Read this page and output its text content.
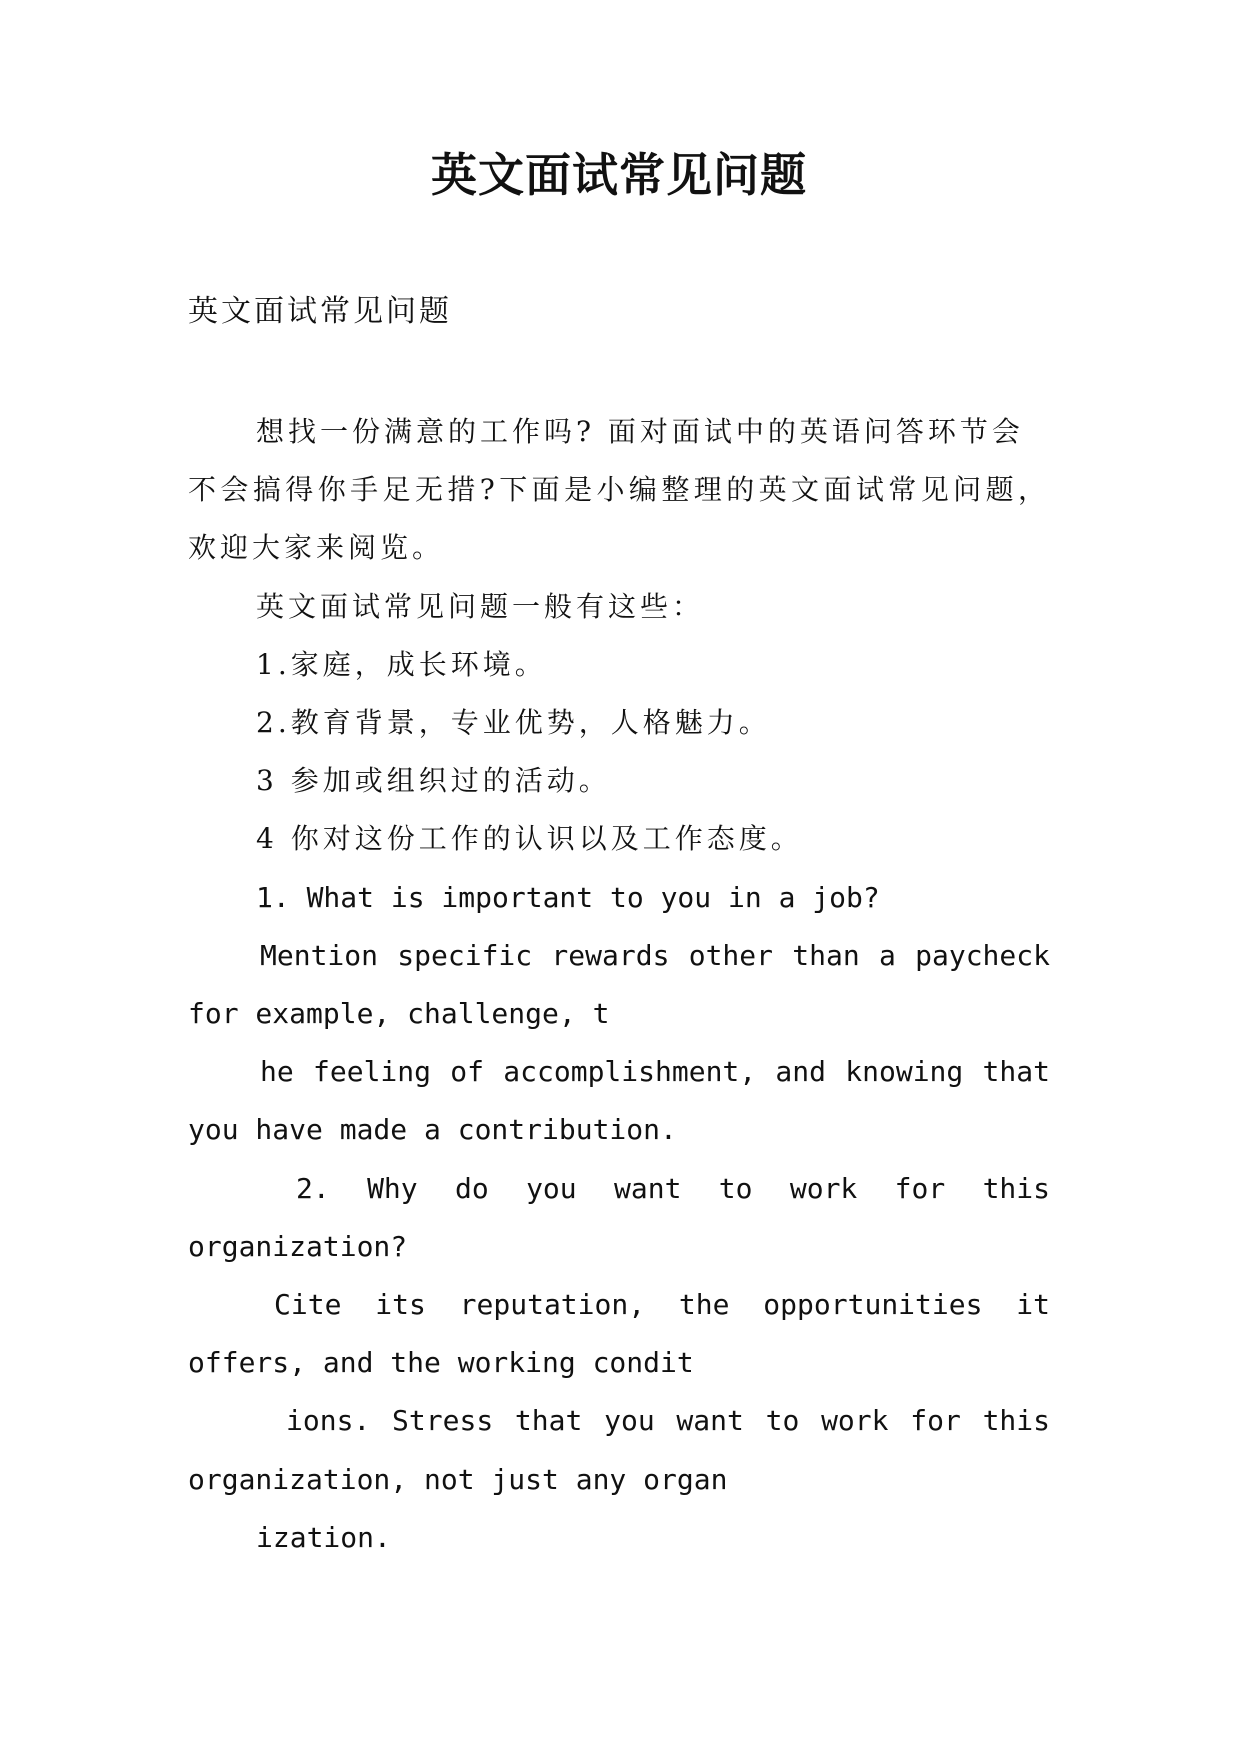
英文面试常见问题

英文面试常见问题

想找一份满意的工作吗? 面对面试中的英语问答环节会
不会搞得你手足无措?下面是小编整理的英文面试常见问题，欢迎大家来阅览。

英文面试常见问题一般有这些：

1.家庭，成长环境。

2.教育背景，专业优势，人格魅力。

3 参加或组织过的活动。

4 你对这份工作的认识以及工作态度。

1. What is important to you in a job?

Mention specific rewards other than a paycheck for example, challenge, t

he feeling of accomplishment, and knowing that you have made a contribution.

2. Why do you want to work for this organization?

Cite its reputation, the opportunities it offers, and the working condit

ions. Stress that you want to work for this organization, not just any organ

ization.
